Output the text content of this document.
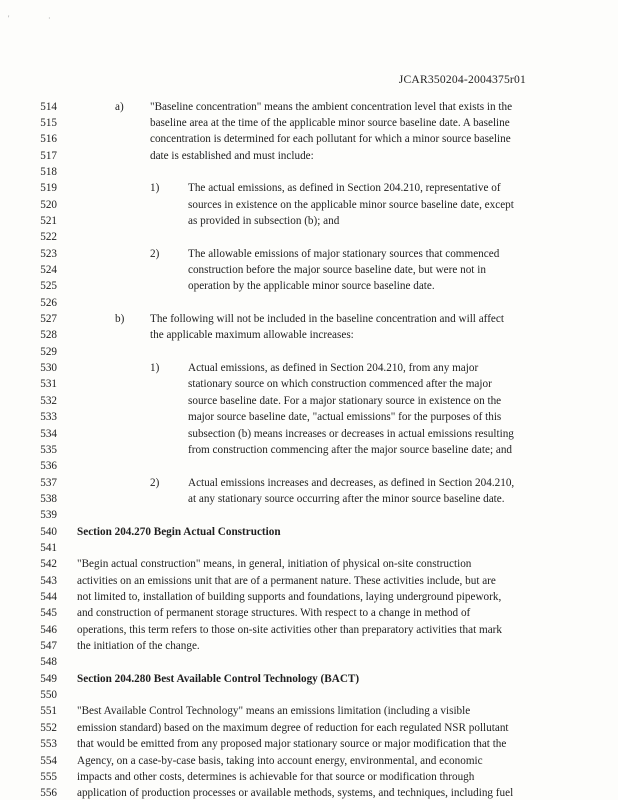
'	·
JCAR350204-2004375r01
514	a) "Baseline concentration" means the ambient concentration level that exists in the
515	baseline area at the time of the applicable minor source baseline date. A baseline
516	concentration is determined for each pollutant for which a minor source baseline
517	date is established and must include:
518
519	1)	The actual emissions, as defined in Section 204.210, representative of
520	sources in existence on the applicable minor source baseline date, except
521	as provided in subsection (b); and
522
523	2)	The allowable emissions of major stationary sources that commenced
524	construction before the major source baseline date, but were not in
525	operation by the applicable minor source baseline date.
526
527	b) The following will not be included in the baseline concentration and will affect
528	the applicable maximum allowable increases:
529
530	1)	Actual emissions, as defined in Section 204.210, from any major
531	stationary source on which construction commenced after the major
532	source baseline date. For a major stationary source in existence on the
533	major source baseline date, "actual emissions" for the purposes of this
534	subsection (b) means increases or decreases in actual emissions resulting
535	from construction commencing after the major source baseline date; and
536
537	2)	Actual emissions increases and decreases, as defined in Section 204.210,
538	at any stationary source occurring after the minor source baseline date.
539
540 Section 204.270 Begin Actual Construction
541
542 "Begin actual construction" means, in general, initiation of physical on-site construction
543 activities on an emissions unit that are of a permanent nature. These activities include, but are
544 not limited to, installation of building supports and foundations, laying underground pipework,
545 and construction of permanent storage structures. With respect to a change in method of
546 operations, this term refers to those on-site activities other than preparatory activities that mark
547 the initiation of the change.
548
549 Section 204.280 Best Available Control Technology (BACT)
550
551 "Best Available Control Technology" means an emissions limitation (including a visible
552 emission standard) based on the maximum degree of reduction for each regulated NSR pollutant
553 that would be emitted from any proposed major stationary source or major modification that the
554 Agency, on a case-by-case basis, taking into account energy, environmental, and economic
555 impacts and other costs, determines is achievable for that source or modification through
556 application of production processes or available methods, systems, and techniques, including fuel
